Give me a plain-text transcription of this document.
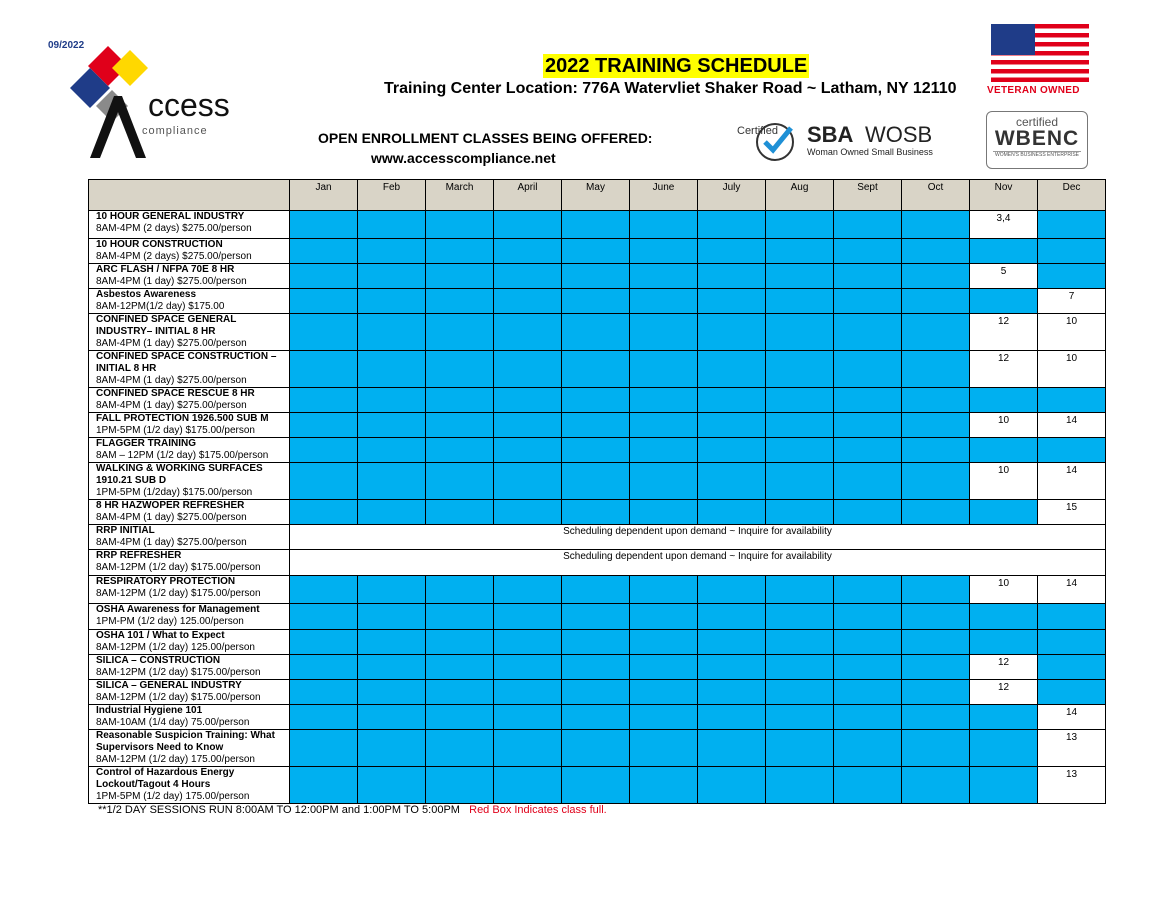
09/2022
ccess
compliance
2022 TRAINING SCHEDULE
Training Center Location: 776A Watervliet Shaker Road ~ Latham, NY 12110	VETERAN OWNED
OPEN ENROLLMENT CLASSES BEING OFFERED:
www.accesscompliance.net
Certified SBA WOSB
Woman Owned Small Business
certified
WBENC
WOMEN'S BUSINESS ENTERPRISE
	Jan	Feb	March	April	May	June	July	Aug	Sept	Oct	Nov	Dec
10 HOUR GENERAL INDUSTRY
8AM-4PM (2 days) $275.00/person											3,4	
10 HOUR CONSTRUCTION
8AM-4PM (2 days) $275.00/person												
ARC FLASH / NFPA 70E 8 HR
8AM-4PM (1 day) $275.00/person											5	
Asbestos Awareness
8AM-12PM(1/2 day) $175.00												7
CONFINED SPACE GENERAL INDUSTRY– INITIAL 8 HR
8AM-4PM (1 day) $275.00/person											12	10
CONFINED SPACE CONSTRUCTION – INITIAL 8 HR
8AM-4PM (1 day) $275.00/person											12	10
CONFINED SPACE RESCUE 8 HR
8AM-4PM (1 day) $275.00/person												
FALL PROTECTION 1926.500 SUB M
1PM-5PM (1/2 day) $175.00/person											10	14
FLAGGER TRAINING
8AM – 12PM (1/2 day) $175.00/person												
WALKING & WORKING SURFACES 1910.21 SUB D
1PM-5PM (1/2day) $175.00/person											10	14
8 HR HAZWOPER REFRESHER
8AM-4PM (1 day) $275.00/person												15
RRP INITIAL
8AM-4PM (1 day) $275.00/person	Scheduling dependent upon demand ~ Inquire for availability											
RRP REFRESHER
8AM-12PM (1/2 day) $175.00/person	Scheduling dependent upon demand ~ Inquire for availability											
RESPIRATORY PROTECTION
8AM-12PM (1/2 day) $175.00/person											10	14
OSHA Awareness for Management
1PM-PM (1/2 day) 125.00/person												
OSHA 101 / What to Expect
8AM-12PM (1/2 day) 125.00/person												
SILICA – CONSTRUCTION
8AM-12PM (1/2 day) $175.00/person											12	
SILICA – GENERAL INDUSTRY
8AM-12PM (1/2 day) $175.00/person											12	
Industrial Hygiene 101
8AM-10AM (1/4 day) 75.00/person												14
Reasonable Suspicion Training: What Supervisors Need to Know
8AM-12PM (1/2 day) 175.00/person												13
Control of Hazardous Energy Lockout/Tagout 4 Hours
1PM-5PM (1/2 day) 175.00/person												13
**1/2 DAY SESSIONS RUN 8:00AM TO 12:00PM and 1:00PM TO 5:00PM Red Box Indicates class full.
